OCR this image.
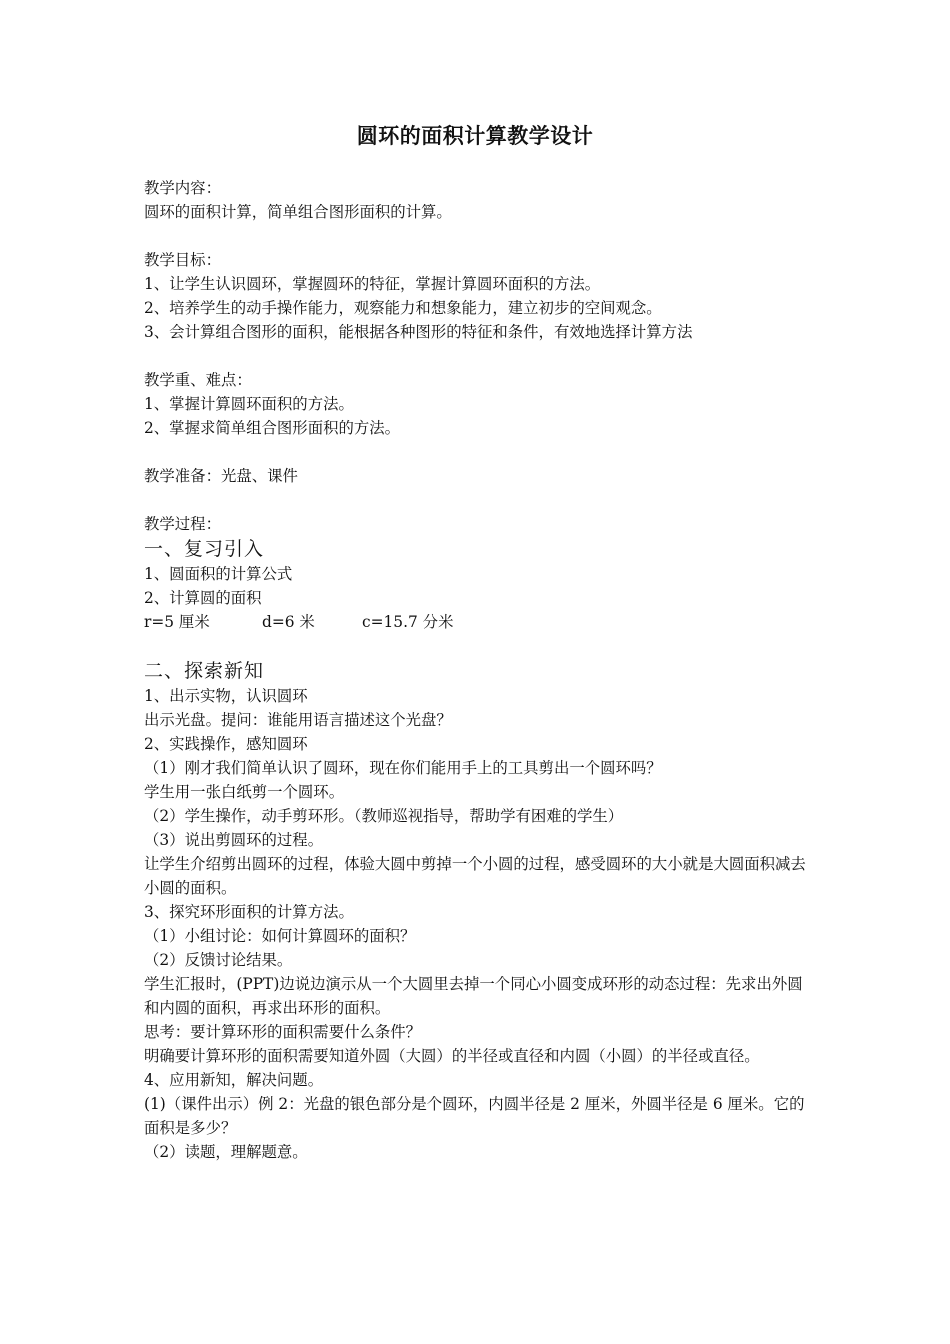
圆环的面积计算教学设计

教学内容：

圆环的面积计算，简单组合图形面积的计算。

教学目标：

1、让学生认识圆环，掌握圆环的特征，掌握计算圆环面积的方法。

2、培养学生的动手操作能力，观察能力和想象能力，建立初步的空间观念。

3、会计算组合图形的面积，能根据各种图形的特征和条件，有效地选择计算方法

教学重、难点：

1、掌握计算圆环面积的方法。

2、掌握求简单组合图形面积的方法。

教学准备：光盘、课件

教学过程：

一、复习引入

1、圆面积的计算公式

2、计算圆的面积

r=5 厘米	d=6 米	c=15.7 分米

二、探索新知

1、出示实物，认识圆环

出示光盘。提问：谁能用语言描述这个光盘？

2、实践操作，感知圆环

（1）刚才我们简单认识了圆环，现在你们能用手上的工具剪出一个圆环吗？

学生用一张白纸剪一个圆环。

（2）学生操作，动手剪环形。（教师巡视指导，帮助学有困难的学生）

（3）说出剪圆环的过程。

让学生介绍剪出圆环的过程，体验大圆中剪掉一个小圆的过程，感受圆环的大小就是大圆面积减去小圆的面积。

3、探究环形面积的计算方法。

（1）小组讨论：如何计算圆环的面积？

（2）反馈讨论结果。

学生汇报时，(PPT)边说边演示从一个大圆里去掉一个同心小圆变成环形的动态过程：先求出外圆和内圆的面积，再求出环形的面积。

思考：要计算环形的面积需要什么条件？

明确要计算环形的面积需要知道外圆（大圆）的半径或直径和内圆（小圆）的半径或直径。

4、应用新知，解决问题。

(1)（课件出示）例 2：光盘的银色部分是个圆环，内圆半径是 2 厘米，外圆半径是 6 厘米。它的面积是多少？

（2）读题，理解题意。
